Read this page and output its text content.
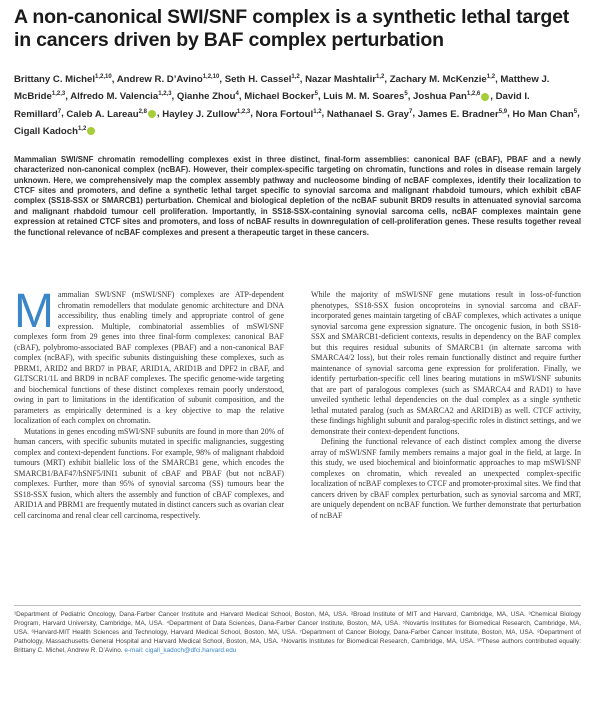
A non-canonical SWI/SNF complex is a synthetic lethal target in cancers driven by BAF complex perturbation
Brittany C. Michel$^{1,2,10}$, Andrew R. D’Avino$^{1,2,10}$, Seth H. Cassel$^{1,2}$, Nazar Mashtalir$^{1,2}$, Zachary M. McKenzie$^{1,2}$, Matthew J. McBride$^{1,2,3}$, Alfredo M. Valencia$^{1,2,3}$, Qianhe Zhou$^4$, Michael Bocker$^5$, Luis M. M. Soares$^5$, Joshua Pan$^{1,2,6}$ , David I. Remillard$^7$, Caleb A. Lareau$^{2,8}$ , Hayley J. Zullow$^{1,2,3}$, Nora Fortoul$^{1,2}$, Nathanael S. Gray$^7$, James E. Bradner$^{5,9}$, Ho Man Chan$^5$, Cigall Kadoch$^{1,2}$
Mammalian SWI/SNF chromatin remodelling complexes exist in three distinct, final-form assemblies: canonical BAF (cBAF), PBAF and a newly characterized non-canonical complex (ncBAF). However, their complex-specific targeting on chromatin, functions and roles in disease remain largely unknown. Here, we comprehensively map the complex assembly pathway and nucleosome binding of ncBAF complexes, identify their localization to CTCF sites and promoters, and define a synthetic lethal target specific to synovial sarcoma and malignant rhabdoid tumours, which exhibit cBAF complex (SS18-SSX or SMARCB1) perturbation. Chemical and biological depletion of the ncBAF subunit BRD9 results in attenuated synovial sarcoma and malignant rhabdoid tumour cell proliferation. Importantly, in SS18-SSX-containing synovial sarcoma cells, ncBAF complexes maintain gene expression at retained CTCF sites and promoters, and loss of ncBAF results in downregulation of cell-proliferation genes. These results together reveal the functional relevance of ncBAF complexes and present a therapeutic target in these cancers.
M ammalian SWI/SNF (mSWI/SNF) complexes are ATP-dependent chromatin remodellers that modulate genomic architecture and DNA accessibility, thus enabling timely and appropriate control of gene expression. Multiple, combinatorial assemblies of mSWI/SNF complexes form from 29 genes into three final-form complexes: canonical BAF (cBAF), polybromo-associated BAF complexes (PBAF) and a non-canonical BAF complex (ncBAF), with specific subunits distinguishing these complexes, such as PBRM1, ARID2 and BRD7 in PBAF, ARID1A, ARID1B and DPF2 in cBAF, and GLTSCR1/1L and BRD9 in ncBAF complexes. The specific genome-wide targeting and biochemical functions of these distinct complexes remain poorly understood, owing in part to limitations in the identification of subunit composition, and the parameters as empirically determined is a key objective to map the relative localization of each complex on chromatin.

Mutations in genes encoding mSWI/SNF subunits are found in more than 20% of human cancers, with specific subunits mutated in specific malignancies, suggesting complex and context-dependent functions. For example, 98% of malignant rhabdoid tumours (MRT) exhibit biallelic loss of the SMARCB1 gene, which encodes the SMARCB1/BAF47/hSNF5/INI1 subunit of cBAF and PBAF (but not ncBAF) complexes. Further, more than 95% of synovial sarcoma (SS) tumours bear the SS18-SSX fusion, which alters the assembly and function of cBAF complexes, and ARID1A and PBRM1 are frequently mutated in distinct cancers such as ovarian clear cell carcinoma and renal clear cell carcinoma, respectively.

While the majority of mSWI/SNF gene mutations result in loss-of-function phenotypes, SS18-SSX fusion oncoproteins in synovial sarcoma and cBAF-incorporated genes maintain targeting of cBAF complexes, which activates a unique synovial sarcoma gene expression signature. The oncogenic fusion, in both SS18-SSX and SMARCB1-deficient contexts, results in dependency on the BAF complex but this requires residual subunits of SMARCB1 (in alternate sarcoma with SMARCA4/2 loss), but their roles remain functionally distinct and require further maintenance of synovial sarcoma gene expression for proliferation. Finally, we identify perturbation-specific cell lines bearing mutations in mSWI/SNF subunits that are part of paralogous complexes (such as SMARCA4 and RAD1) to have unveiled synthetic lethal dependencies on the dual complex as a single synthetic lethal mutated paralog (such as SMARCA2 and ARID1B) as well. CTCF activity, these findings highlight subunit and paralog-specific roles in distinct settings, and we demonstrate their context-dependent functions.

Defining the functional relevance of each distinct complex among the diverse array of mSWI/SNF family members remains a major goal in the field, at large. In this study, we used biochemical and bioinformatic approaches to map mSWI/SNF complexes on chromatin, which revealed an unexpected complex-specific localization of ncBAF complexes to CTCF and promoter-proximal sites. We find that cancers driven by cBAF complex perturbation, such as synovial sarcoma and MRT, are uniquely dependent on ncBAF function. We further demonstrate that perturbation of ncBAF

¹Department of Pediatric Oncology, Dana-Farber Cancer Institute and Harvard Medical School, Boston, MA, USA. ²Broad Institute of MIT and Harvard, Cambridge, MA, USA. ³Chemical Biology Program, Harvard University, Cambridge, MA, USA. ⁴Department of Data Sciences, Dana-Farber Cancer Institute, Boston, MA, USA. ⁵Novartis Institutes for Biomedical Research, Cambridge, MA, USA. ⁶Harvard-MIT Health Sciences and Technology, Harvard Medical School, Boston, MA, USA. ⁷Department of Cancer Biology, Dana-Farber Cancer Institute, Boston, MA, USA. ⁸Department of Pathology, Massachusetts General Hospital and Harvard Medical School, Boston, MA, USA. ⁹Novartis Institutes for Biomedical Research, Cambridge, MA, USA. ¹⁰These authors contributed equally: Brittany C. Michel, Andrew R. D’Avino. e-mail: cigall_kadoch@dfci.harvard.edu
